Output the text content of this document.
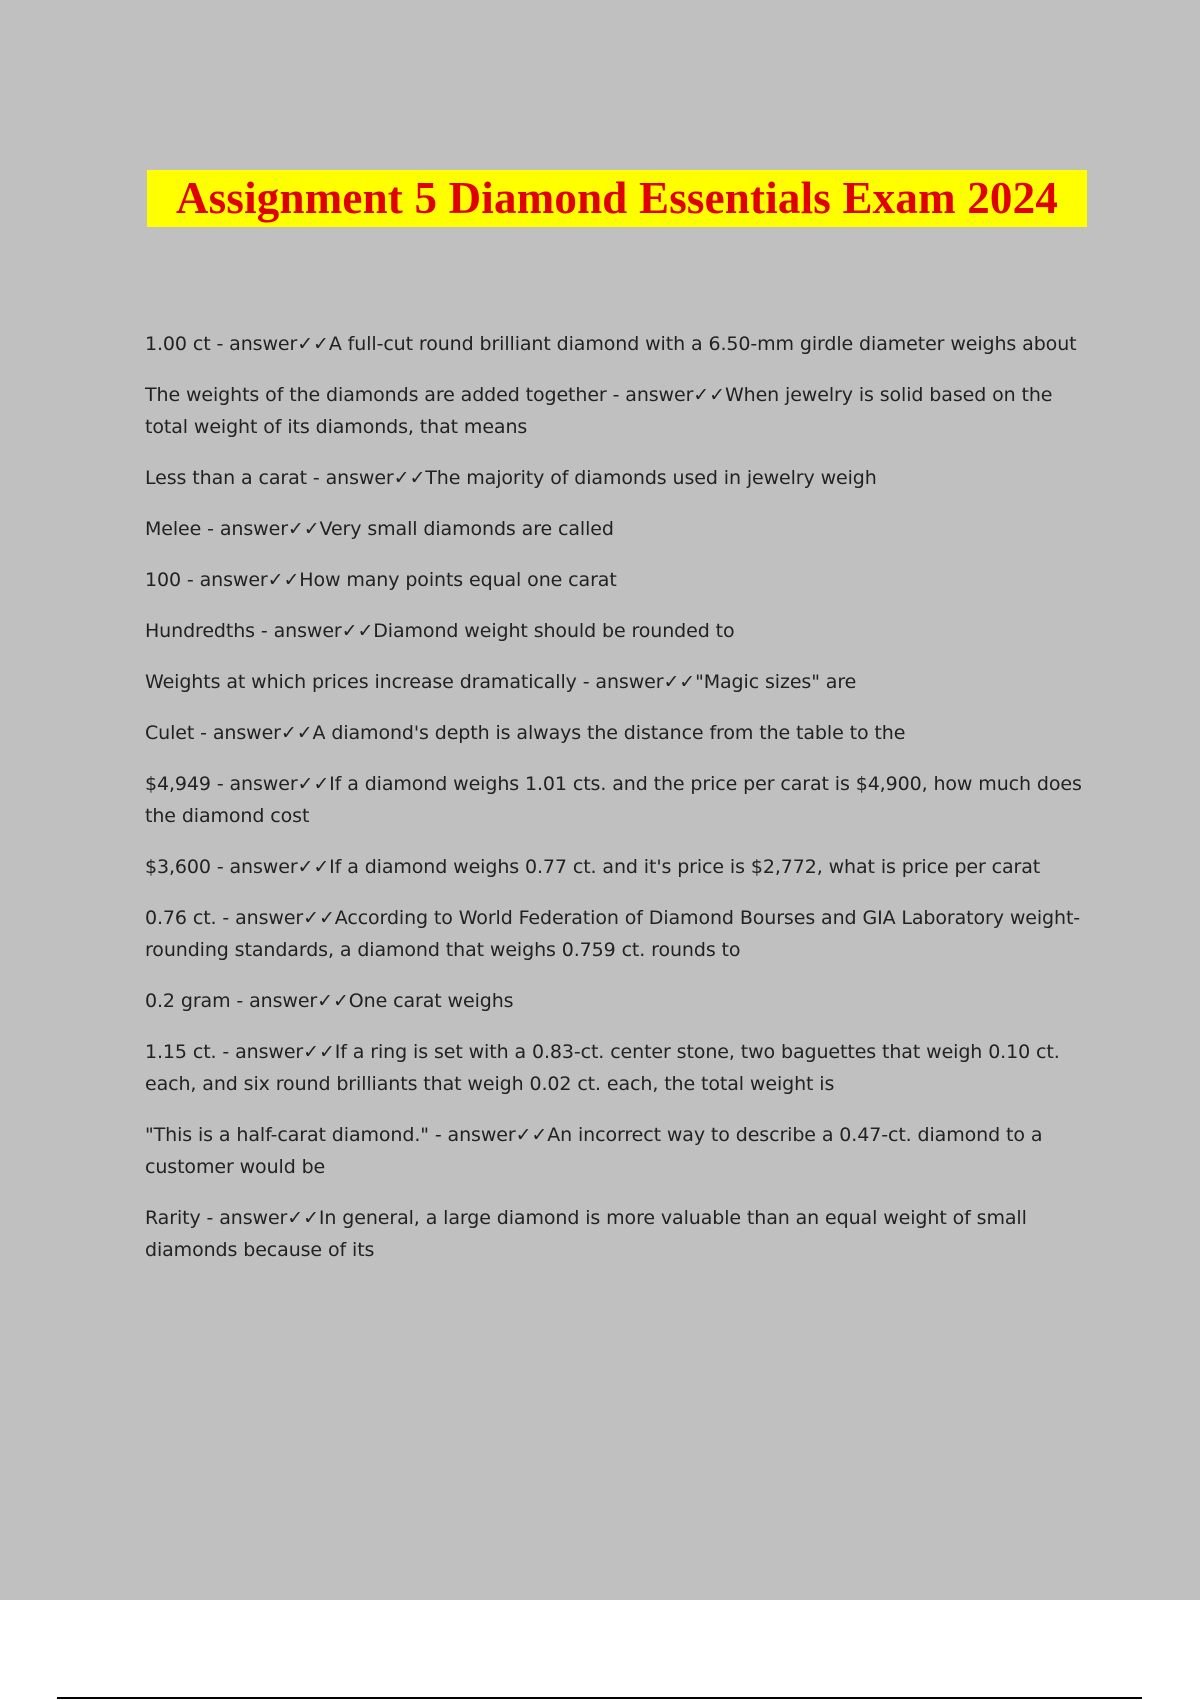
Assignment 5 Diamond Essentials Exam 2024
1.00 ct - answer✓✓A full-cut round brilliant diamond with a 6.50-mm girdle diameter weighs about
The weights of the diamonds are added together - answer✓✓When jewelry is solid based on the total weight of its diamonds, that means
Less than a carat - answer✓✓The majority of diamonds used in jewelry weigh
Melee - answer✓✓Very small diamonds are called
100 - answer✓✓How many points equal one carat
Hundredths - answer✓✓Diamond weight should be rounded to
Weights at which prices increase dramatically - answer✓✓"Magic sizes" are
Culet - answer✓✓A diamond's depth is always the distance from the table to the
$4,949 - answer✓✓If a diamond weighs 1.01 cts. and the price per carat is $4,900, how much does the diamond cost
$3,600 - answer✓✓If a diamond weighs 0.77 ct. and it's price is $2,772, what is price per carat
0.76 ct. - answer✓✓According to World Federation of Diamond Bourses and GIA Laboratory weight-rounding standards, a diamond that weighs 0.759 ct. rounds to
0.2 gram - answer✓✓One carat weighs
1.15 ct. - answer✓✓If a ring is set with a 0.83-ct. center stone, two baguettes that weigh 0.10 ct. each, and six round brilliants that weigh 0.02 ct. each, the total weight is
"This is a half-carat diamond." - answer✓✓An incorrect way to describe a 0.47-ct. diamond to a customer would be
Rarity - answer✓✓In general, a large diamond is more valuable than an equal weight of small diamonds because of its
